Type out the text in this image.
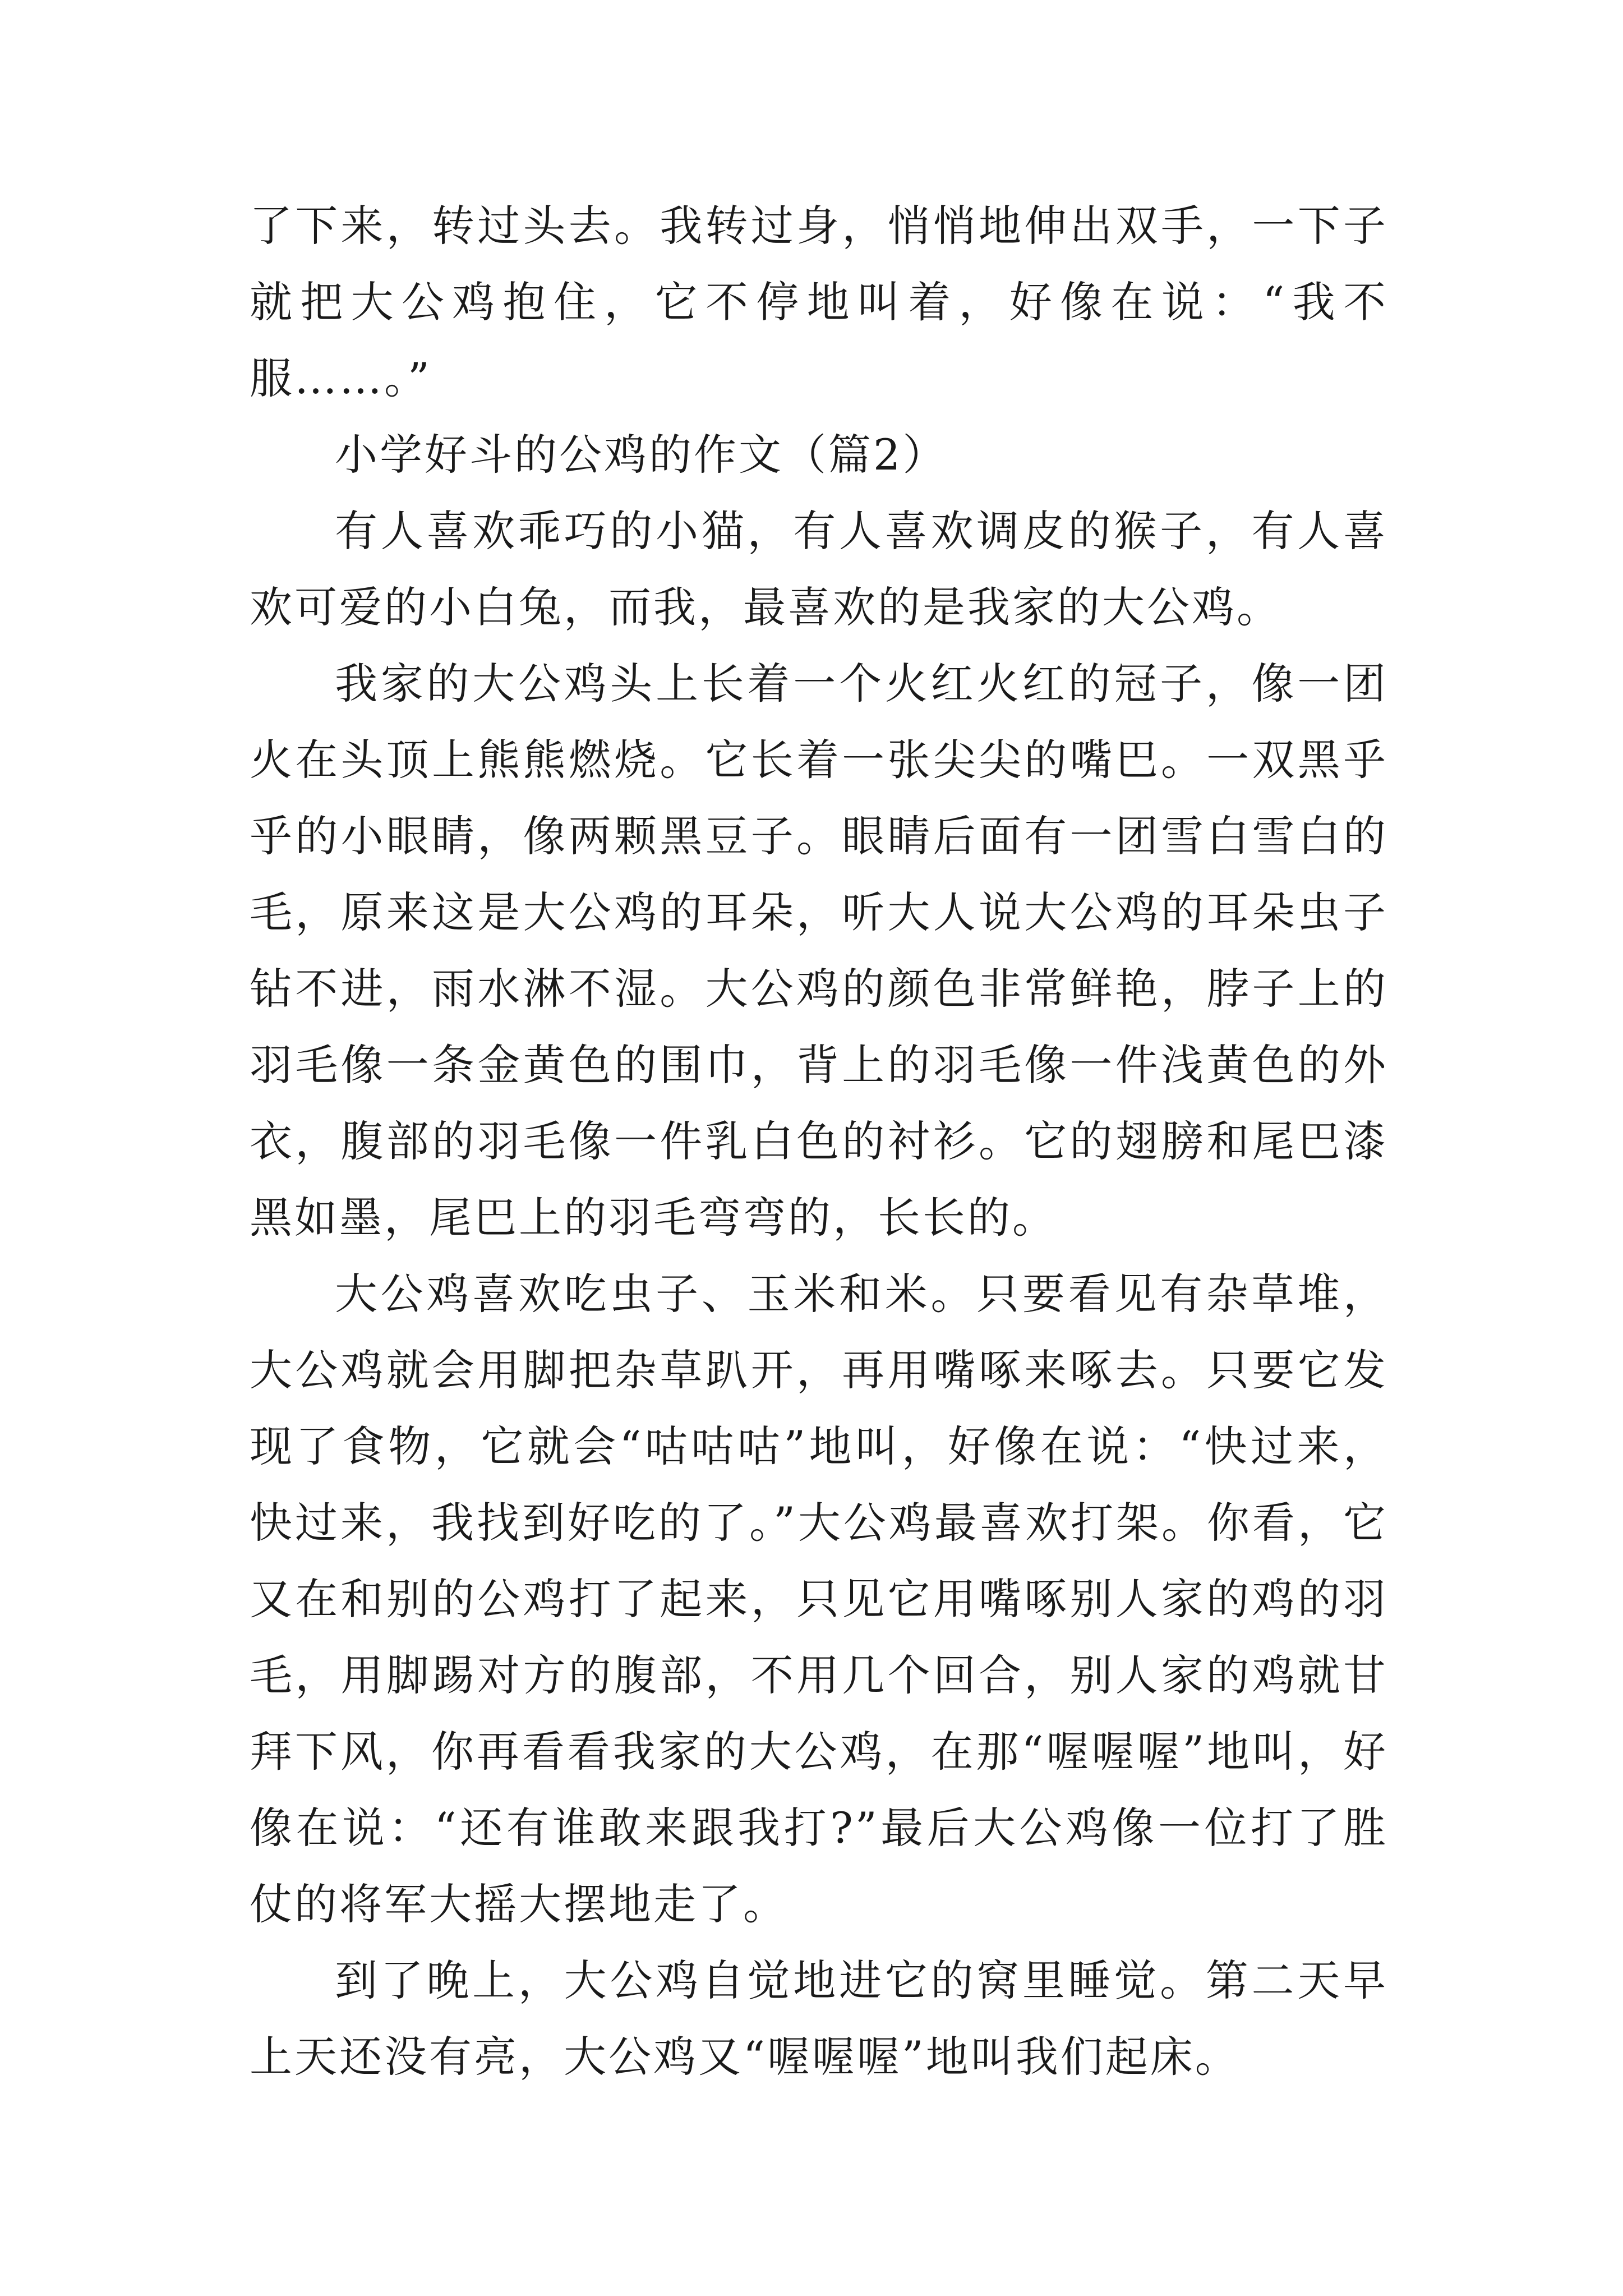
了下来，转过头去。我转过身，悄悄地伸出双手，一下子就把大公鸡抱住，它不停地叫着，好像在说：“我不服……。”

小学好斗的公鸡的作文（篇2）

有人喜欢乖巧的小猫，有人喜欢调皮的猴子，有人喜欢可爱的小白兔，而我，最喜欢的是我家的大公鸡。

我家的大公鸡头上长着一个火红火红的冠子，像一团火在头顶上熊熊燃烧。它长着一张尖尖的嘴巴。一双黑乎乎的小眼睛，像两颗黑豆子。眼睛后面有一团雪白雪白的毛，原来这是大公鸡的耳朵，听大人说大公鸡的耳朵虫子钻不进，雨水淋不湿。大公鸡的颜色非常鲜艳，脖子上的羽毛像一条金黄色的围巾，背上的羽毛像一件浅黄色的外衣，腹部的羽毛像一件乳白色的衬衫。它的翅膀和尾巴漆黑如墨，尾巴上的羽毛弯弯的，长长的。

大公鸡喜欢吃虫子、玉米和米。只要看见有杂草堆，大公鸡就会用脚把杂草趴开，再用嘴啄来啄去。只要它发现了食物，它就会“咕咕咕”地叫，好像在说：“快过来，快过来，我找到好吃的了。”大公鸡最喜欢打架。你看，它又在和别的公鸡打了起来，只见它用嘴啄别人家的鸡的羽毛，用脚踢对方的腹部，不用几个回合，别人家的鸡就甘拜下风，你再看看我家的大公鸡，在那“喔喔喔”地叫，好像在说：“还有谁敢来跟我打?”最后大公鸡像一位打了胜仗的将军大摇大摆地走了。

到了晚上，大公鸡自觉地进它的窝里睡觉。第二天早上天还没有亮，大公鸡又“喔喔喔”地叫我们起床。
